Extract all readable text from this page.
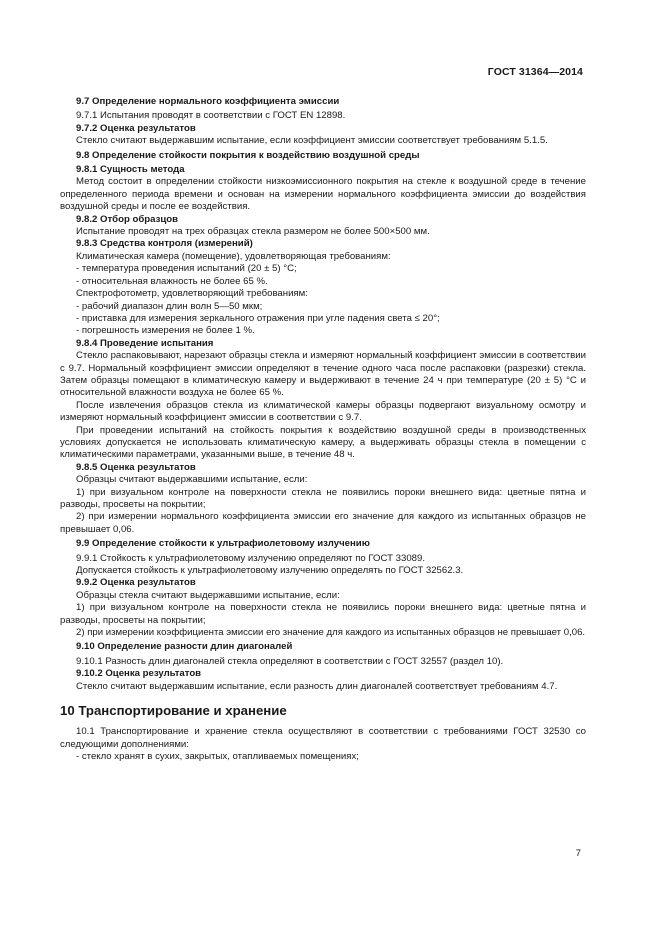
ГОСТ 31364—2014

9.7 Определение нормального коэффициента эмиссии

9.7.1 Испытания проводят в соответствии с ГОСТ EN 12898.

9.7.2 Оценка результатов

Стекло считают выдержавшим испытание, если коэффициент эмиссии соответствует требованиям 5.1.5.

9.8 Определение стойкости покрытия к воздействию воздушной среды

9.8.1 Сущность метода

Метод состоит в определении стойкости низкоэмиссионного покрытия на стекле к воздушной среде в течение определенного периода времени и основан на измерении нормального коэффициента эмиссии до воздействия воздушной среды и после ее воздействия.

9.8.2 Отбор образцов

Испытание проводят на трех образцах стекла размером не более 500×500 мм.

9.8.3 Средства контроля (измерений)

Климатическая камера (помещение), удовлетворяющая требованиям:

- температура проведения испытаний (20 ± 5) °С;

- относительная влажность не более 65 %.

Спектрофотометр, удовлетворяющий требованиям:

- рабочий диапазон длин волн 5—50 мкм;

- приставка для измерения зеркального отражения при угле падения света ≤ 20°;

- погрешность измерения не более 1 %.

9.8.4 Проведение испытания

Стекло распаковывают, нарезают образцы стекла и измеряют нормальный коэффициент эмиссии в соответствии с 9.7. Нормальный коэффициент эмиссии определяют в течение одного часа после распаковки (разрезки) стекла. Затем образцы помещают в климатическую камеру и выдерживают в течение 24 ч при температуре (20 ± 5) °С и относительной влажности воздуха не более 65 %.

После извлечения образцов стекла из климатической камеры образцы подвергают визуальному осмотру и измеряют нормальный коэффициент эмиссии в соответствии с 9.7.

При проведении испытаний на стойкость покрытия к воздействию воздушной среды в производственных условиях допускается не использовать климатическую камеру, а выдерживать образцы стекла в помещении с климатическими параметрами, указанными выше, в течение 48 ч.

9.8.5 Оценка результатов

Образцы считают выдержавшими испытание, если:

1) при визуальном контроле на поверхности стекла не появились пороки внешнего вида: цветные пятна и разводы, просветы на покрытии;

2) при измерении нормального коэффициента эмиссии его значение для каждого из испытанных образцов не превышает 0,06.

9.9 Определение стойкости к ультрафиолетовому излучению

9.9.1 Стойкость к ультрафиолетовому излучению определяют по ГОСТ 33089.

Допускается стойкость к ультрафиолетовому излучению определять по ГОСТ 32562.3.

9.9.2 Оценка результатов

Образцы стекла считают выдержавшими испытание, если:

1) при визуальном контроле на поверхности стекла не появились пороки внешнего вида: цветные пятна и разводы, просветы на покрытии;

2) при измерении коэффициента эмиссии его значение для каждого из испытанных образцов не превышает 0,06.

9.10 Определение разности длин диагоналей

9.10.1 Разность длин диагоналей стекла определяют в соответствии с ГОСТ 32557 (раздел 10).

9.10.2 Оценка результатов

Стекло считают выдержавшим испытание, если разность длин диагоналей соответствует требованиям 4.7.

10 Транспортирование и хранение

10.1 Транспортирование и хранение стекла осуществляют в соответствии с требованиями ГОСТ 32530 со следующими дополнениями:

- стекло хранят в сухих, закрытых, отапливаемых помещениях;

7
